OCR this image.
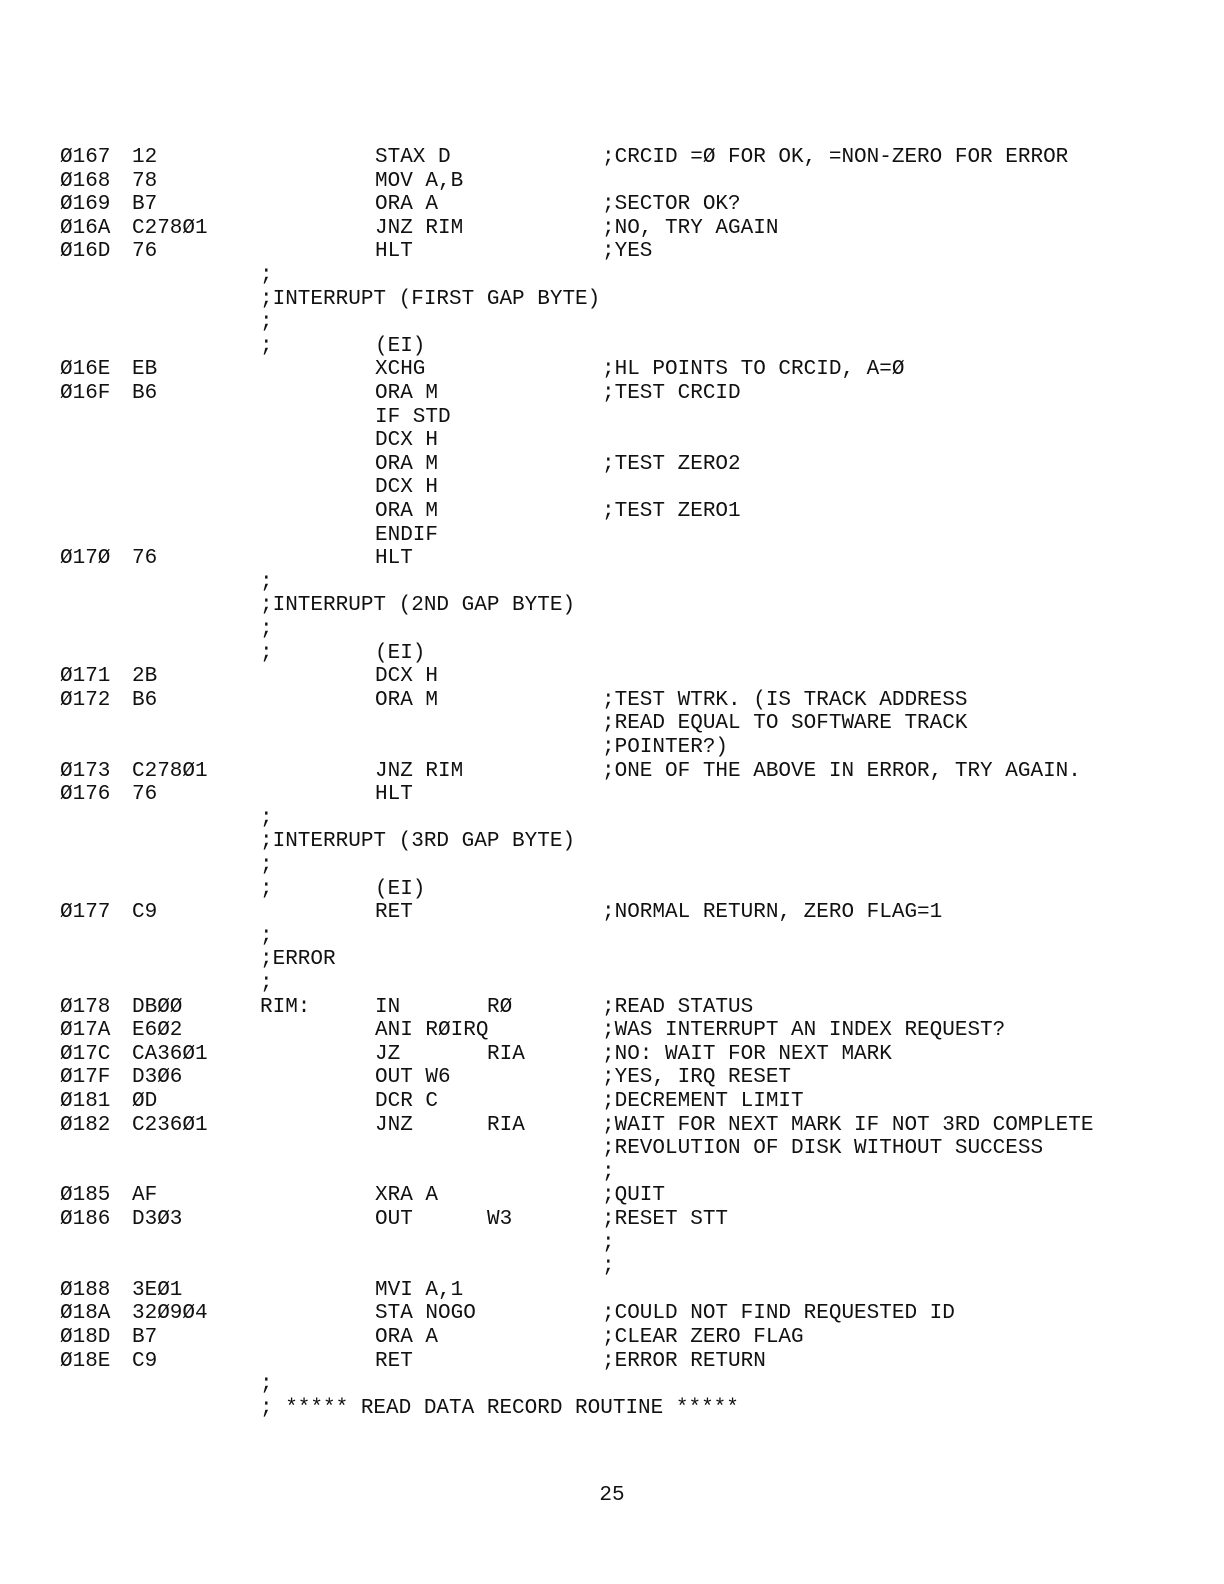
Ø167 12	STAX D	;CRCID =Ø FOR OK, =NON-ZERO FOR ERROR
Ø168 78	MOV A,B
Ø169 B7	ORA A	;SECTOR OK?
Ø16A C278Ø1	JNZ RIM	;NO, TRY AGAIN
Ø16D 76	HLT	;YES
;
;INTERRUPT (FIRST GAP BYTE)
;
;	(EI)
Ø16E EB	XCHG	;HL POINTS TO CRCID, A=Ø
Ø16F B6	ORA M	;TEST CRCID
IF STD
DCX H
ORA M	;TEST ZERO2
DCX H
ORA M	;TEST ZERO1
ENDIF
Ø17Ø 76	HLT
;
;INTERRUPT (2ND GAP BYTE)
;
;	(EI)
Ø171 2B	DCX H
Ø172 B6	ORA M	;TEST WTRK. (IS TRACK ADDRESS
;READ EQUAL TO SOFTWARE TRACK
;POINTER?)
Ø173 C278Ø1	JNZ RIM	;ONE OF THE ABOVE IN ERROR, TRY AGAIN.
Ø176 76	HLT
;
;INTERRUPT (3RD GAP BYTE)
;
;	(EI)
Ø177 C9	RET	;NORMAL RETURN, ZERO FLAG=1
;
;ERROR
;
Ø178 DBØØ	RIM:	IN	RØ	;READ STATUS
Ø17A E6Ø2	ANI RØIRQ	;WAS INTERRUPT AN INDEX REQUEST?
Ø17C CA36Ø1	JZ	RIA	;NO: WAIT FOR NEXT MARK
Ø17F D3Ø6	OUT W6	;YES, IRQ RESET
Ø181 ØD	DCR C	;DECREMENT LIMIT
Ø182 C236Ø1	JNZ	RIA	;WAIT FOR NEXT MARK IF NOT 3RD COMPLETE
;REVOLUTION OF DISK WITHOUT SUCCESS
;
Ø185 AF	XRA A	;QUIT
Ø186 D3Ø3	OUT	W3	;RESET STT
;
;
Ø188 3EØ1	MVI A,1
Ø18A 32Ø9Ø4	STA NOGO	;COULD NOT FIND REQUESTED ID
Ø18D B7	ORA A	;CLEAR ZERO FLAG
Ø18E C9	RET	;ERROR RETURN
;
; ***** READ DATA RECORD ROUTINE *****
25
